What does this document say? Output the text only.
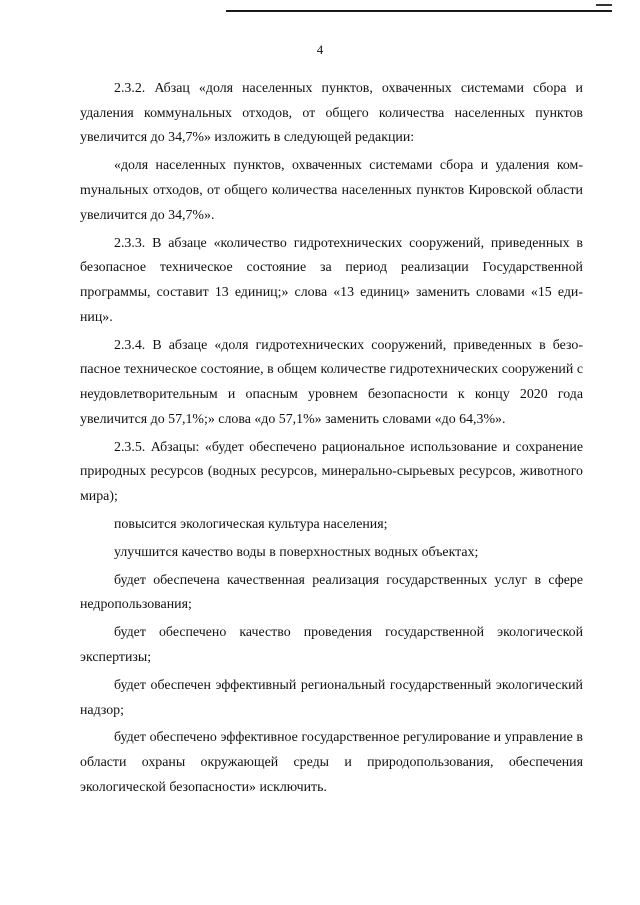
4

2.3.2. Абзац «доля населенных пунктов, охваченных системами сбора и удаления коммунальных отходов, от общего количества населенных пунктов увеличится до 34,7%» изложить в следующей редакции:

«доля населенных пунктов, охваченных системами сбора и удаления комmунальных отходов, от общего количества населенных пунктов Кировской области увеличится до 34,7%».

2.3.3. В абзаце «количество гидротехнических сооружений, приведенных в безопасное техническое состояние за период реализации Государственной программы, составит 13 единиц;» слова «13 единиц» заменить словами «15 единиц».

2.3.4. В абзаце «доля гидротехнических сооружений, приведенных в безопасное техническое состояние, в общем количестве гидротехнических сооружений с неудовлетворительным и опасным уровнем безопасности к концу 2020 года увеличится до 57,1%;» слова «до 57,1%» заменить словами «до 64,3%».

2.3.5. Абзацы: «будет обеспечено рациональное использование и сохранение природных ресурсов (водных ресурсов, минерально-сырьевых ресурсов, животного мира);

повысится экологическая культура населения;

улучшится качество воды в поверхностных водных объектах;

будет обеспечена качественная реализация государственных услуг в сфере недропользования;

будет обеспечено качество проведения государственной экологической экспертизы;

будет обеспечен эффективный региональный государственный экологический надзор;

будет обеспечено эффективное государственное регулирование и управление в области охраны окружающей среды и природопользования, обеспечения экологической безопасности» исключить.
